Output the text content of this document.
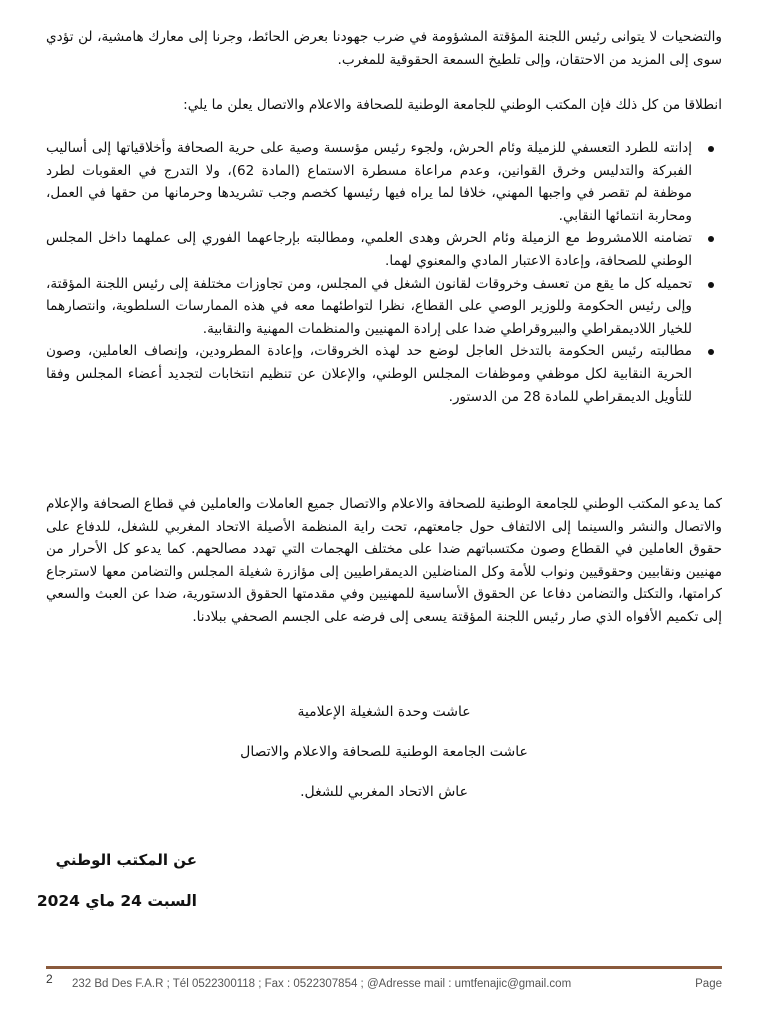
والتضحيات لا يتوانى رئيس اللجنة المؤقتة المشؤومة في ضرب جهودنا بعرض الحائط، وجرنا إلى معارك هامشية، لن تؤدي سوى إلى المزيد من الاحتقان، وإلى تلطيخ السمعة الحقوقية للمغرب.

انطلاقا من كل ذلك فإن المكتب الوطني للجامعة الوطنية للصحافة والاعلام والاتصال يعلن ما يلي:

إدانته للطرد التعسفي للزميلة وئام الحرش، ولجوء رئيس مؤسسة وصية على حرية الصحافة وأخلاقياتها إلى أساليب الفبركة والتدليس وخرق القوانين، وعدم مراعاة مسطرة الاستماع (المادة 62)، ولا التدرج في العقوبات لطرد موظفة لم تقصر في واجبها المهني، خلافا لما يراه فيها رئيسها كخصم وجب تشريدها وحرمانها من حقها في العمل، ومحاربة انتمائها النقابي.
تضامنه اللامشروط مع الزميلة وئام الحرش وهدى العلمي، ومطالبته بإرجاعهما الفوري إلى عملهما داخل المجلس الوطني للصحافة، وإعادة الاعتبار المادي والمعنوي لهما.
تحميله كل ما يقع من تعسف وخروقات لقانون الشغل في المجلس، ومن تجاوزات مختلفة إلى رئيس اللجنة المؤقتة، وإلى رئيس الحكومة وللوزير الوصي على القطاع، نظرا لتواطئهما معه في هذه الممارسات السلطوية، وانتصارهما للخيار اللاديمقراطي والبيروقراطي ضدا على إرادة المهنيين والمنظمات المهنية والنقابية.
مطالبته رئيس الحكومة بالتدخل العاجل لوضع حد لهذه الخروقات، وإعادة المطرودين، وإنصاف العاملين، وصون الحرية النقابية لكل موظفي وموظفات المجلس الوطني، والإعلان عن تنظيم انتخابات لتجديد أعضاء المجلس وفقا للتأويل الديمقراطي للمادة 28 من الدستور.

كما يدعو المكتب الوطني للجامعة الوطنية للصحافة والاعلام والاتصال جميع العاملات والعاملين في قطاع الصحافة والإعلام والاتصال والنشر والسينما إلى الالتفاف حول جامعتهم، تحت راية المنظمة الأصيلة الاتحاد المغربي للشغل، للدفاع على حقوق العاملين في القطاع وصون مكتسباتهم ضدا على مختلف الهجمات التي تهدد مصالحهم. كما يدعو كل الأحرار من مهنيين ونقابيين وحقوقيين ونواب للأمة وكل المناضلين الديمقراطيين إلى مؤازرة شغيلة المجلس والتضامن معها لاسترجاع كرامتها، والتكتل والتضامن دفاعا عن الحقوق الأساسية للمهنيين وفي مقدمتها الحقوق الدستورية، ضدا عن العبث والسعي إلى تكميم الأفواه الذي صار رئيس اللجنة المؤقتة يسعى إلى فرضه على الجسم الصحفي ببلادنا.

عاشت وحدة الشغيلة الإعلامية
عاشت الجامعة الوطنية للصحافة والاعلام والاتصال
عاش الاتحاد المغربي للشغل.
عن المكتب الوطني
السبت 24 ماي 2024
2 232 Bd Des F.A.R ; Tél 0522300118 ; Fax : 0522307854 ; @Adresse mail : umtfenajic@gmail.com	Page
